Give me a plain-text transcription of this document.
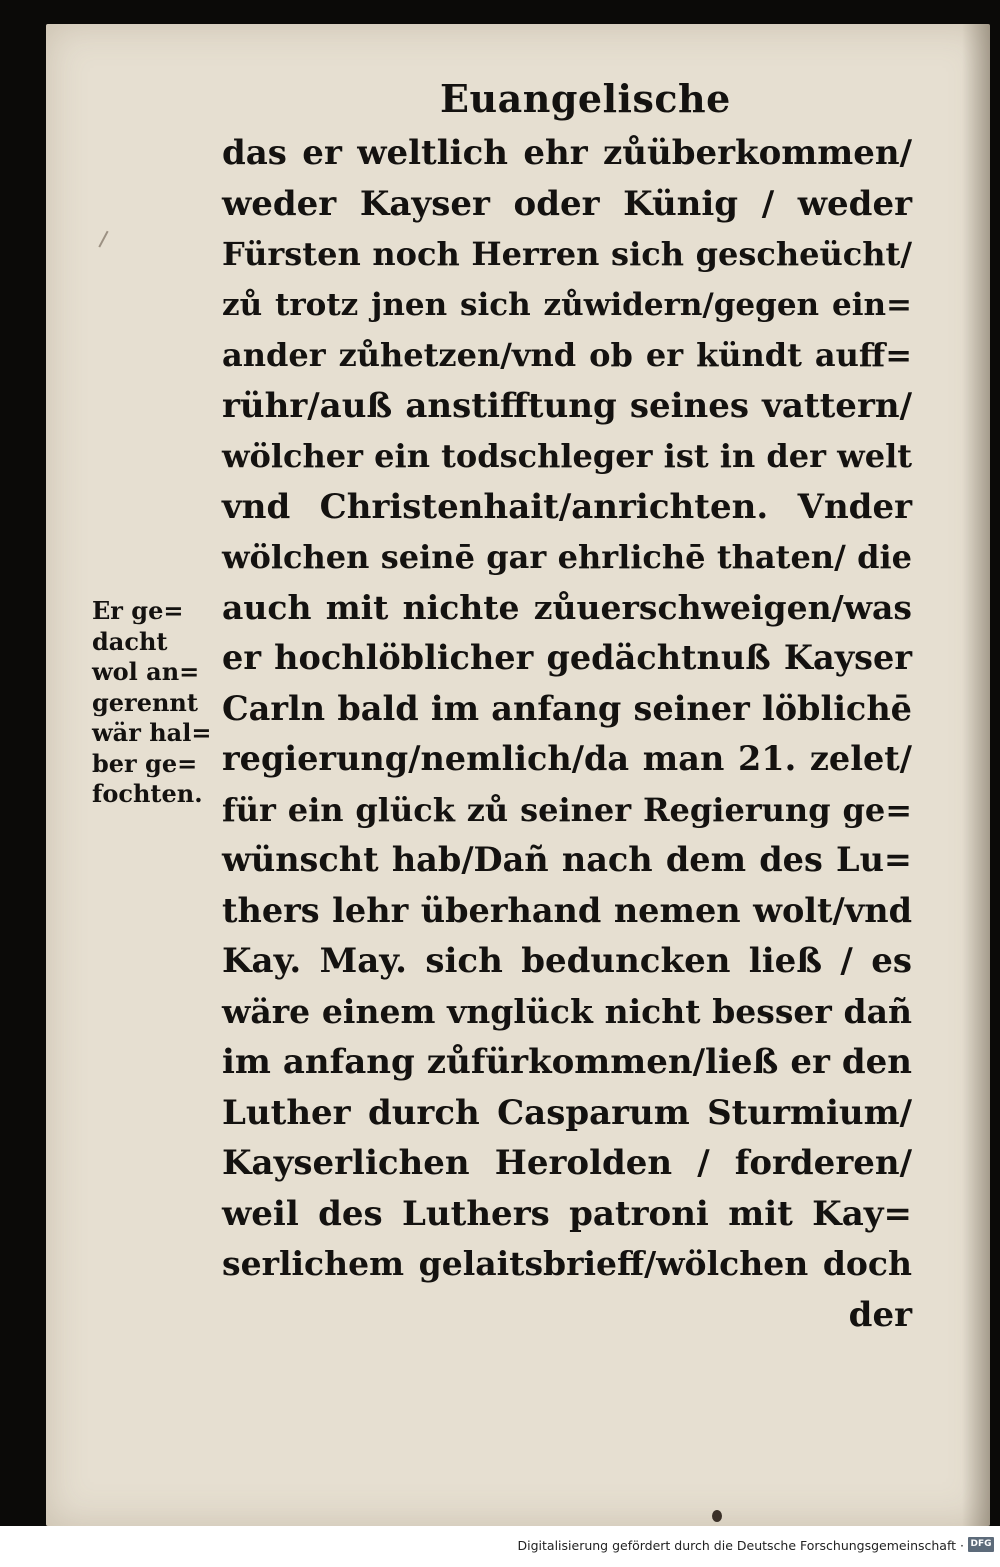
Euangelische
das er weltlich ehr zůüberkommen/
weder Kayser oder Künig / weder
Fürsten noch Herren sich gescheücht/
zů trotz jnen sich zůwidern/gegen ein=
ander zůhetzen/vnd ob er kündt auff=
rühr/auß anstifftung seines vattern/
wölcher ein todschleger ist in der welt
vnd Christenhait/anrichten. Vnder
wölchen seinē gar ehrlichē thaten/ die
auch mit nichte zůuerschweigen/was
er hochlöblicher gedächtnuß Kayser
Carln bald im anfang seiner löblichē
regierung/nemlich/da man 21. zelet/
für ein glück zů seiner Regierung ge=
wünscht hab/Dañ nach dem des Lu=
thers lehr überhand nemen wolt/vnd
Kay. May. sich beduncken ließ / es
wäre einem vnglück nicht besser dañ
im anfang zůfürkommen/ließ er den
Luther durch Casparum Sturmium/
Kayserlichen Herolden / forderen/
weil des Luthers patroni mit Kay=
serlichem gelaitsbrieff/wölchen doch
der
Er ge=
dacht
wol an=
gerennt
wär hal=
ber ge=
fochten.
Digitalisierung gefördert durch die Deutsche Forschungsgemeinschaft · DFG
